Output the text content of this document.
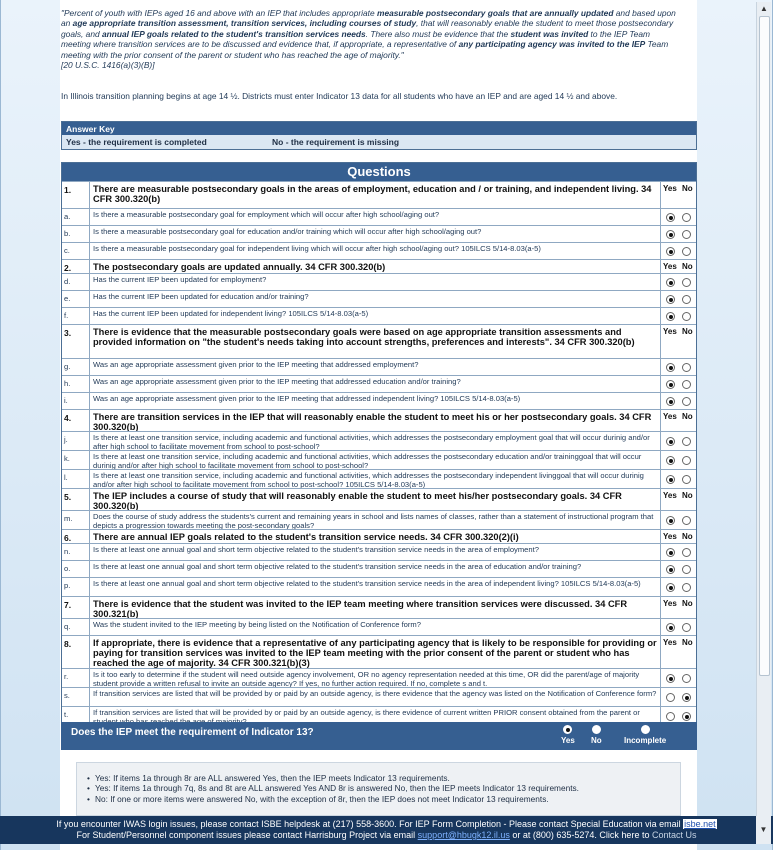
"Percent of youth with IEPs aged 16 and above with an IEP that includes appropriate measurable postsecondary goals that are annually updated and based upon an age appropriate transition assessment, transition services, including courses of study, that will reasonably enable the student to meet those postsecondary goals, and annual IEP goals related to the student's transition services needs. There also must be evidence that the student was invited to the IEP Team meeting where transition services are to be discussed and evidence that, if appropriate, a representative of any participating agency was invited to the IEP Team meeting with the prior consent of the parent or student who has reached the age of majority."
[20 U.S.C. 1416(a)(3)(B)]
In Illinois transition planning begins at age 14 ½. Districts must enter Indicator 13 data for all students who have an IEP and are aged 14 ½ and above.
Answer Key
Yes - the requirement is completed	No - the requirement is missing
Questions
1.	There are measurable postsecondary goals in the areas of employment, education and / or training, and independent living. 34 CFR 300.320(b)
Yes No
a.	Is there a measurable postsecondary goal for employment which will occur after high school/aging out?
b.	Is there a measurable postsecondary goal for education and/or training which will occur after high school/aging out?
c.	Is there a measurable postsecondary goal for independent living which will occur after high school/aging out? 105ILCS 5/14-8.03(a-5)
2.	The postsecondary goals are updated annually. 34 CFR 300.320(b)	Yes No
d.	Has the current IEP been updated for employment?
e.	Has the current IEP been updated for education and/or training?
f.	Has the current IEP been updated for independent living? 105ILCS 5/14-8.03(a-5)
3.	There is evidence that the measurable postsecondary goals were based on age appropriate transition assessments and provided information on "the student's needs taking into account strengths, preferences and interests". 34 CFR 300.320(b)
Yes No
g.	Was an age appropriate assessment given prior to the IEP meeting that addressed employment?
h.	Was an age appropriate assessment given prior to the IEP meeting that addressed education and/or training?
i.	Was an age appropriate assessment given prior to the IEP meeting that addressed independent living? 105ILCS 5/14-8.03(a-5)
4.	There are transition services in the IEP that will reasonably enable the student to meet his or her postsecondary goals. 34 CFR 300.320(b)
Yes No
j.	Is there at least one transition service, including academic and functional activities, which addresses the postsecondary employment goal that will occur durinig and/or after high school to facilitate movement from school to post-school?
k.	Is there at least one transition service, including academic and functional activities, which addresses the postsecondary education and/or traininggoal that will occur durinig and/or after high school to facilitate movement from school to post-school?
l.	Is there at least one transition service, including academic and functional activities, which addresses the postsecondary independent livinggoal that will occur durinig and/or after high school to facilitate movement from school to post-school? 105ILCS 5/14-8.03(a-5)
5.	The IEP includes a course of study that will reasonably enable the student to meet his/her postsecondary goals. 34 CFR 300.320(b)
Yes No
m.	Does the course of study address the students's current and remaining years in school and lists names of classes, rather than a statement of instructional program that depicts a progression towards meeting the post-secondary goals?
6.	There are annual IEP goals related to the student's transition service needs. 34 CFR 300.320(2)(i)	Yes No
n.	Is there at least one annual goal and short term objective related to the student's transition service needs in the area of employment?
o.	Is there at least one annual goal and short term objective related to the student's transition service needs in the area of education and/or training?
p.	Is there at least one annual goal and short term objective related to the student's transition service needs in the area of independent living? 105ILCS 5/14-8.03(a-5)
7.	There is evidence that the student was invited to the IEP team meeting where transition services were discussed. 34 CFR 300.321(b)
Yes No
q.	Was the student invited to the IEP meeting by being listed on the Notification of Conference form?
8.	If appropriate, there is evidence that a representative of any participating agency that is likely to be responsible for providing or paying for transition services was invited to the IEP team meeting with the prior consent of the parent or student who has reached the age of majority. 34 CFR 300.321(b)(3)
Yes No
r.	Is it too early to determine if the student will need outside agency involvement, OR no agency representation needed at this time, OR did the parent/age of majority student provide a written refusal to invite an outside agency? If yes, no further action required. If no, complete s and t.
s.	If transition services are listed that will be provided by or paid by an outside agency, is there evidence that the agency was listed on the Notification of Conference form?
t.	If transition services are listed that will be provided by or paid by an outside agency, is there evidence of current written PRIOR consent obtained from the parent or
Does the IEP meet the requirement of Indicator 13?
Yes No	Incomplete
• Yes: If items 1a through 8r are ALL answered Yes, then the IEP meets Indicator 13 requirements.
• Yes: If items 1a through 7q, 8s and 8t are ALL answered Yes AND 8r is answered No, then the IEP meets Indicator 13 requirements.
• No: If one or more items were answered No, with the exception of 8r, then the IEP does not meet Indicator 13 requirements.
▲
If you encounter IWAS login issues, please contact ISBE helpdesk at (217) 558-3600. For IEP Form Completion - Please contact Special Education via email isbe.net
For Student/Personnel component issues please contact Harrisburg Project via email support@hbugk12.il.us or at (800) 635-5274. Click here to Contact Us
▼
